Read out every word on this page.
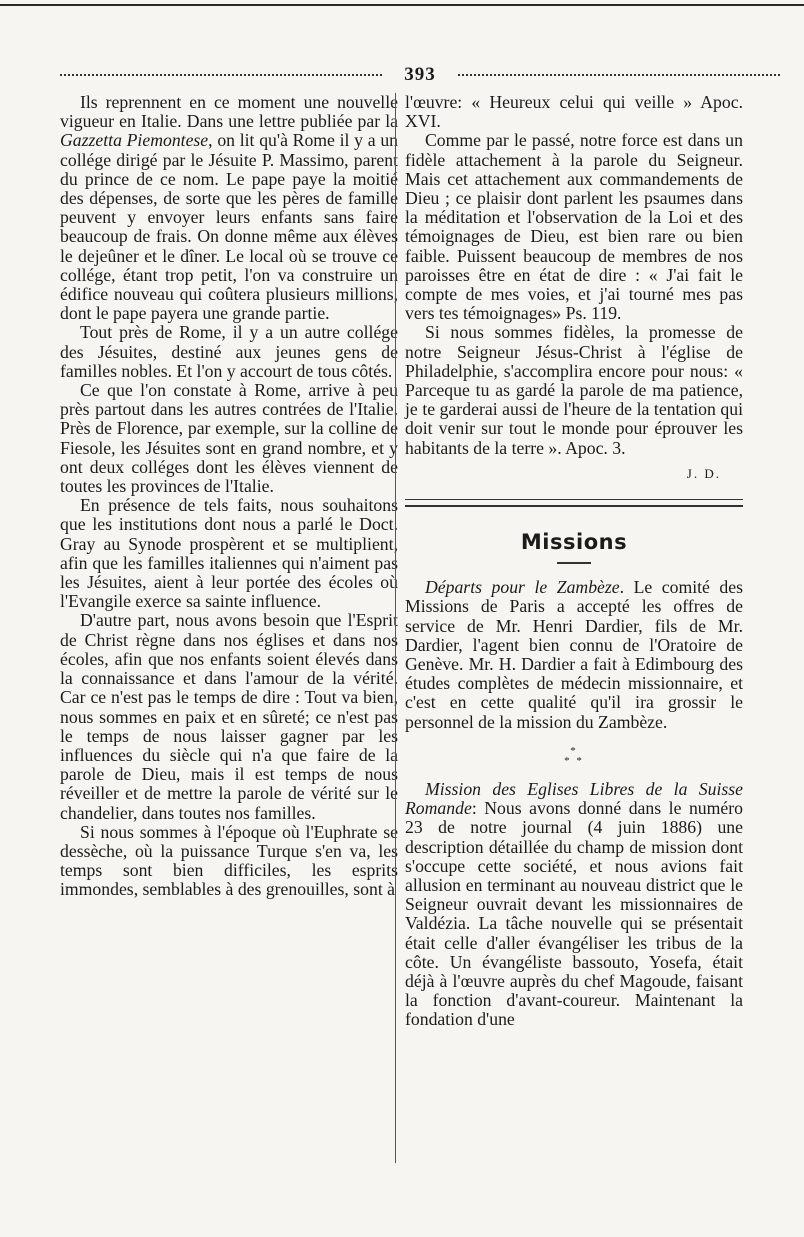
393

Ils reprennent en ce moment une nouvelle vigueur en Italie. Dans une lettre publiée par la Gazzetta Piemontese, on lit qu'à Rome il y a un collége dirigé par le Jésuite P. Massimo, parent du prince de ce nom. Le pape paye la moitié des dépenses, de sorte que les pères de famille peuvent y envoyer leurs enfants sans faire beaucoup de frais. On donne même aux élèves le dejeûner et le dîner. Le local où se trouve ce collége, étant trop petit, l'on va construire un édifice nouveau qui coûtera plusieurs millions, dont le pape payera une grande partie.

Tout près de Rome, il y a un autre collége des Jésuites, destiné aux jeunes gens de familles nobles. Et l'on y accourt de tous côtés.

Ce que l'on constate à Rome, arrive à peu près partout dans les autres contrées de l'Italie. Près de Florence, par exemple, sur la colline de Fiesole, les Jésuites sont en grand nombre, et y ont deux colléges dont les élèves viennent de toutes les provinces de l'Italie.

En présence de tels faits, nous souhaitons que les institutions dont nous a parlé le Doct. Gray au Synode prospèrent et se multiplient, afin que les familles italiennes qui n'aiment pas les Jésuites, aient à leur portée des écoles où l'Evangile exerce sa sainte influence.

D'autre part, nous avons besoin que l'Esprit de Christ règne dans nos églises et dans nos écoles, afin que nos enfants soient élevés dans la connaissance et dans l'amour de la vérité. Car ce n'est pas le temps de dire : Tout va bien, nous sommes en paix et en sûreté; ce n'est pas le temps de nous laisser gagner par les influences du siècle qui n'a que faire de la parole de Dieu, mais il est temps de nous réveiller et de mettre la parole de vérité sur le chandelier, dans toutes nos familles.

Si nous sommes à l'époque où l'Euphrate se dessèche, où la puissance Turque s'en va, les temps sont bien difficiles, les esprits immondes, semblables à des grenouilles, sont à

l'œuvre: « Heureux celui qui veille » Apoc. XVI.

Comme par le passé, notre force est dans un fidèle attachement à la parole du Seigneur. Mais cet attachement aux commandements de Dieu ; ce plaisir dont parlent les psaumes dans la méditation et l'observation de la Loi et des témoignages de Dieu, est bien rare ou bien faible. Puissent beaucoup de membres de nos paroisses être en état de dire : « J'ai fait le compte de mes voies, et j'ai tourné mes pas vers tes témoignages» Ps. 119.

Si nous sommes fidèles, la promesse de notre Seigneur Jésus-Christ à l'église de Philadelphie, s'accomplira encore pour nous: « Parceque tu as gardé la parole de ma patience, je te garderai aussi de l'heure de la tentation qui doit venir sur tout le monde pour éprouver les habitants de la terre ». Apoc. 3.

J. D.
Missions

Départs pour le Zambèze. Le comité des Missions de Paris a accepté les offres de service de Mr. Henri Dardier, fils de Mr. Dardier, l'agent bien connu de l'Oratoire de Genève. Mr. H. Dardier a fait à Edimbourg des études complètes de médecin missionnaire, et c'est en cette qualité qu'il ira grossir le personnel de la mission du Zambèze.

*
* *

Mission des Eglises Libres de la Suisse Romande: Nous avons donné dans le numéro 23 de notre journal (4 juin 1886) une description détaillée du champ de mission dont s'occupe cette société, et nous avions fait allusion en terminant au nouveau district que le Seigneur ouvrait devant les missionnaires de Valdézia. La tâche nouvelle qui se présentait était celle d'aller évangéliser les tribus de la côte. Un évangéliste bassouto, Yosefa, était déjà à l'œuvre auprès du chef Magoude, faisant la fonction d'avant-coureur. Maintenant la fondation d'une
